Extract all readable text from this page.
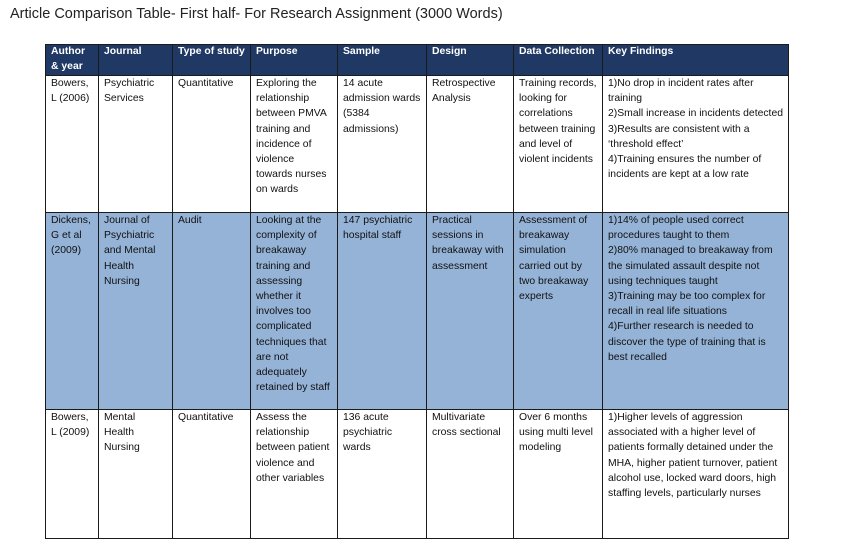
Article Comparison Table- First half- For Research Assignment (3000 Words)
Author & year	Journal	Type of study	Purpose	Sample	Design	Data Collection	Key Findings
Bowers, L (2006)	Psychiatric Services	Quantitative	Exploring the relationship between PMVA training and incidence of violence towards nurses on wards	14 acute admission wards (5384 admissions)	Retrospective Analysis	Training records, looking for correlations between training and level of violent incidents	1)No drop in incident rates after training
2)Small increase in incidents detected
3)Results are consistent with a ‘threshold effect’
4)Training ensures the number of incidents are kept at a low rate

Dickens, G et al (2009)	Journal of Psychiatric and Mental Health Nursing	Audit	Looking at the complexity of breakaway training and assessing whether it involves too complicated techniques that are not adequately retained by staff	147 psychiatric hospital staff	Practical sessions in breakaway with assessment	Assessment of breakaway simulation carried out by two breakaway experts	1)14% of people used correct procedures taught to them
2)80% managed to breakaway from the simulated assault despite not using techniques taught
3)Training may be too complex for recall in real life situations
4)Further research is needed to discover the type of training that is best recalled

Bowers, L (2009)	Mental Health Nursing	Quantitative	Assess the relationship between patient violence and other variables	136 acute psychiatric wards	Multivariate cross sectional	Over 6 months using multi level modeling	1)Higher levels of aggression associated with a higher level of patients formally detained under the MHA, higher patient turnover, patient alcohol use, locked ward doors, high staffing levels, particularly nurses
